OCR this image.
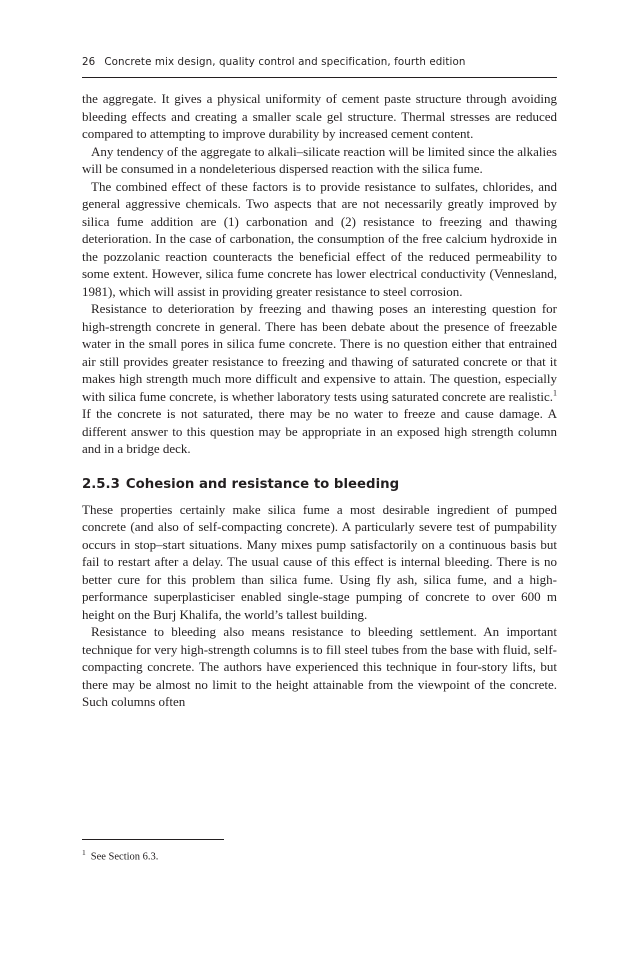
26 Concrete mix design, quality control and specification, fourth edition

the aggregate. It gives a physical uniformity of cement paste structure through avoiding bleeding effects and creating a smaller scale gel structure. Thermal stresses are reduced compared to attempting to improve durability by increased cement content.

Any tendency of the aggregate to alkali–silicate reaction will be limited since the alkalies will be consumed in a nondeleterious dispersed reaction with the silica fume.

The combined effect of these factors is to provide resistance to sulfates, chlorides, and general aggressive chemicals. Two aspects that are not necessarily greatly improved by silica fume addition are (1) carbonation and (2) resistance to freezing and thawing deterioration. In the case of carbonation, the consumption of the free calcium hydroxide in the pozzolanic reaction counteracts the beneficial effect of the reduced permeability to some extent. However, silica fume concrete has lower electrical conductivity (Vennesland, 1981), which will assist in providing greater resistance to steel corrosion.

Resistance to deterioration by freezing and thawing poses an interesting question for high-strength concrete in general. There has been debate about the presence of freezable water in the small pores in silica fume concrete. There is no question either that entrained air still provides greater resistance to freezing and thawing of saturated concrete or that it makes high strength much more difficult and expensive to attain. The question, especially with silica fume concrete, is whether laboratory tests using saturated concrete are realistic.$^1$ If the concrete is not saturated, there may be no water to freeze and cause damage. A different answer to this question may be appropriate in an exposed high strength column and in a bridge deck.

2.5.3 Cohesion and resistance to bleeding

These properties certainly make silica fume a most desirable ingredient of pumped concrete (and also of self-compacting concrete). A particularly severe test of pumpability occurs in stop–start situations. Many mixes pump satisfactorily on a continuous basis but fail to restart after a delay. The usual cause of this effect is internal bleeding. There is no better cure for this problem than silica fume. Using fly ash, silica fume, and a high-performance superplasticiser enabled single-stage pumping of concrete to over 600 m height on the Burj Khalifa, the world’s tallest building.

Resistance to bleeding also means resistance to bleeding settlement. An important technique for very high-strength columns is to fill steel tubes from the base with fluid, self-compacting concrete. The authors have experienced this technique in four-story lifts, but there may be almost no limit to the height attainable from the viewpoint of the concrete. Such columns often

$^1$ See Section 6.3.
